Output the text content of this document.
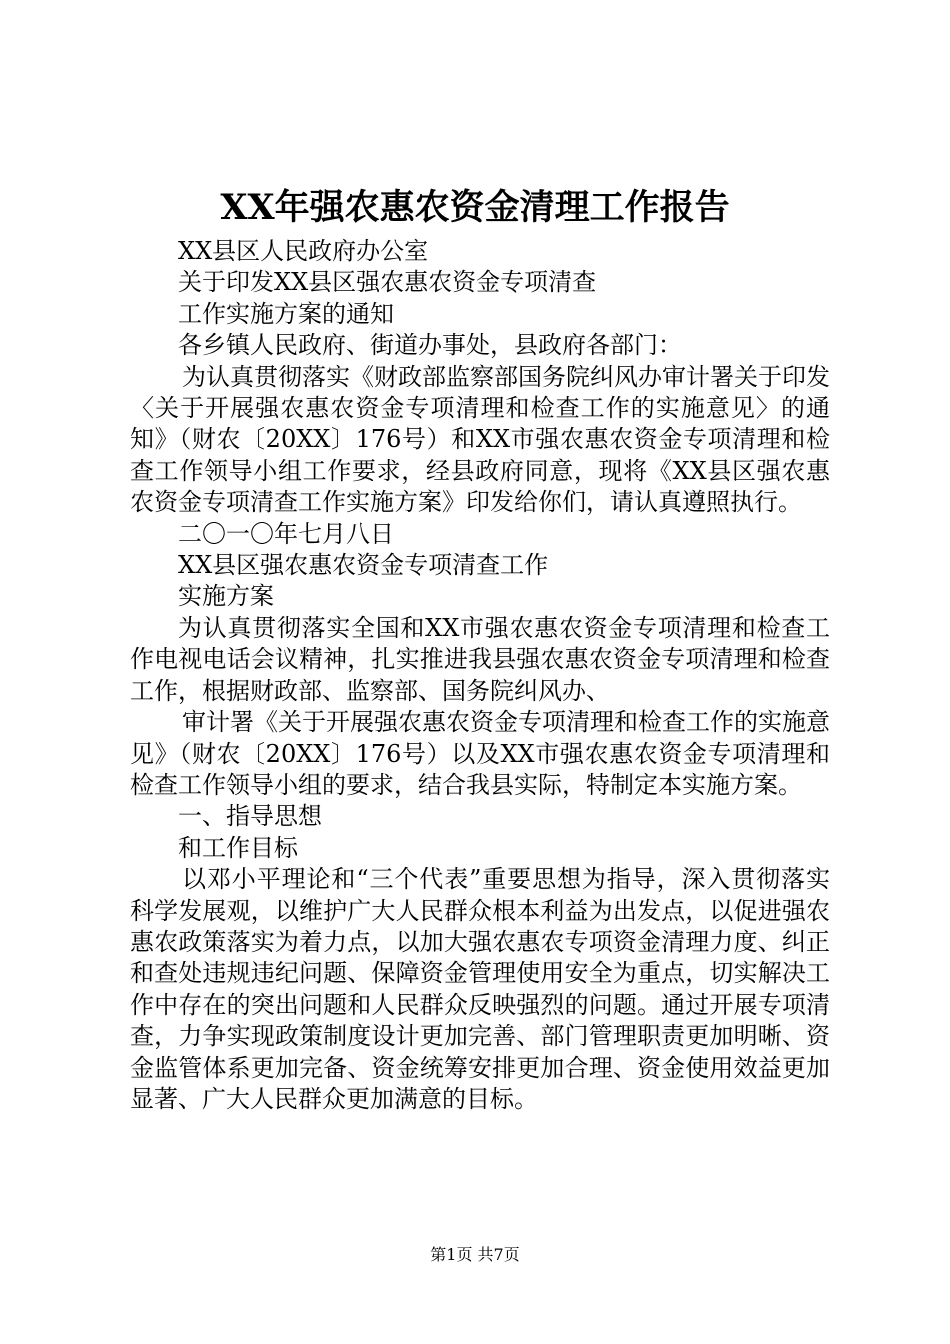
XX年强农惠农资金清理工作报告

XX县区人民政府办公室

关于印发XX县区强农惠农资金专项清查

工作实施方案的通知

各乡镇人民政府、街道办事处，县政府各部门：

为认真贯彻落实《财政部监察部国务院纠风办审计署关于印发〈关于开展强农惠农资金专项清理和检查工作的实施意见〉的通知》（财农〔20XX〕176号）和XX市强农惠农资金专项清理和检查工作领导小组工作要求，经县政府同意，现将《XX县区强农惠农资金专项清查工作实施方案》印发给你们，请认真遵照执行。

二〇一〇年七月八日

XX县区强农惠农资金专项清查工作

实施方案

为认真贯彻落实全国和XX市强农惠农资金专项清理和检查工作电视电话会议精神，扎实推进我县强农惠农资金专项清理和检查工作，根据财政部、监察部、国务院纠风办、

审计署《关于开展强农惠农资金专项清理和检查工作的实施意见》（财农〔20XX〕176号）以及XX市强农惠农资金专项清理和检查工作领导小组的要求，结合我县实际，特制定本实施方案。

一、指导思想

和工作目标

以邓小平理论和“三个代表”重要思想为指导，深入贯彻落实科学发展观，以维护广大人民群众根本利益为出发点，以促进强农惠农政策落实为着力点，以加大强农惠农专项资金清理力度、纠正和查处违规违纪问题、保障资金管理使用安全为重点，切实解决工作中存在的突出问题和人民群众反映强烈的问题。通过开展专项清查，力争实现政策制度设计更加完善、部门管理职责更加明晰、资金监管体系更加完备、资金统筹安排更加合理、资金使用效益更加显著、广大人民群众更加满意的目标。

第1页 共7页
